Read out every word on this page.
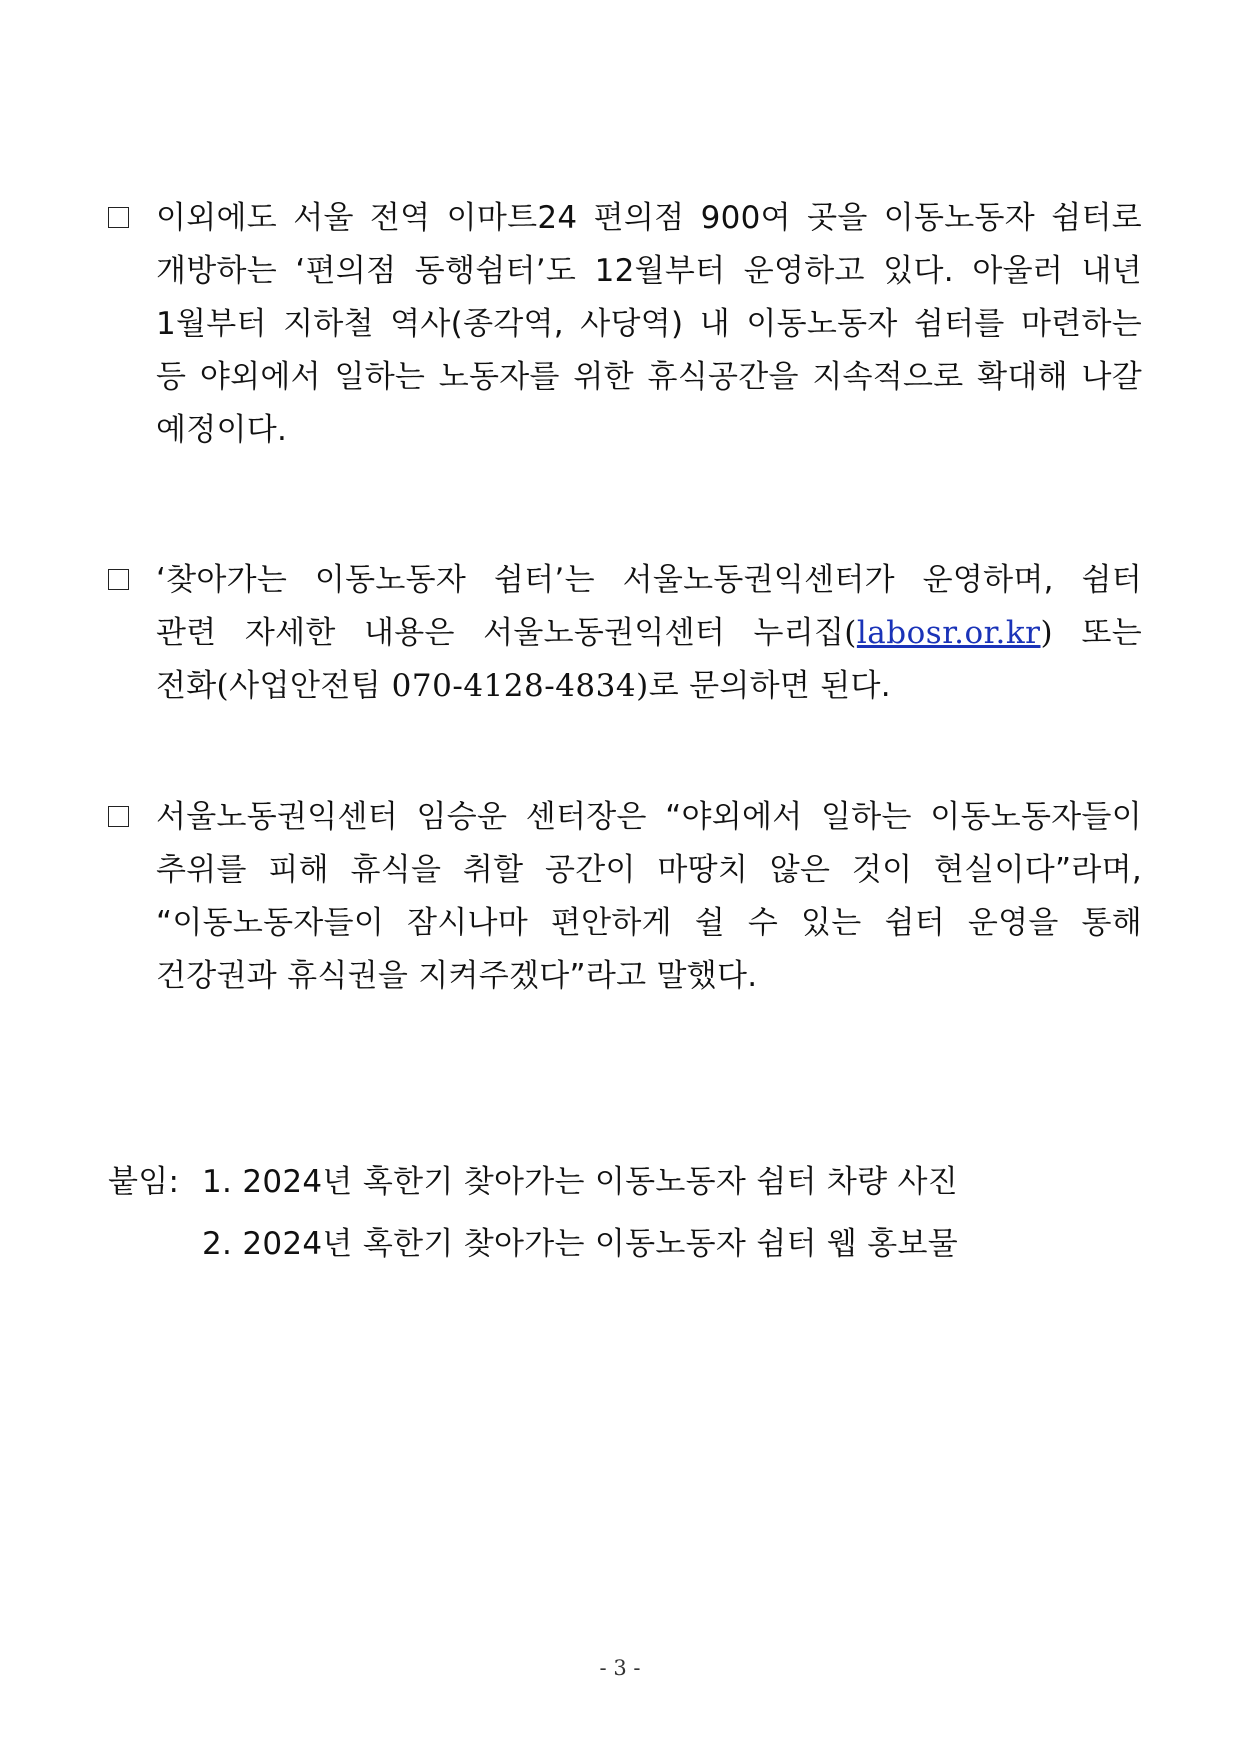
이외에도 서울 전역 이마트24 편의점 900여 곳을 이동노동자 쉼터로
개방하는 ‘편의점 동행쉼터’도 12월부터 운영하고 있다. 아울러 내년
1월부터 지하철 역사(종각역, 사당역) 내 이동노동자 쉼터를 마련하는
등 야외에서 일하는 노동자를 위한 휴식공간을 지속적으로 확대해 나갈
예정이다.
‘찾아가는 이동노동자 쉼터’는 서울노동권익센터가 운영하며, 쉼터
관련 자세한 내용은 서울노동권익센터 누리집(labosr.or.kr) 또는
전화(사업안전팀 070-4128-4834)로 문의하면 된다.
서울노동권익센터 임승운 센터장은 “야외에서 일하는 이동노동자들이
추위를 피해 휴식을 취할 공간이 마땅치 않은 것이 현실이다”라며,
“이동노동자들이 잠시나마 편안하게 쉴 수 있는 쉼터 운영을 통해
건강권과 휴식권을 지켜주겠다”라고 말했다.
붙임: 1. 2024년 혹한기 찾아가는 이동노동자 쉼터 차량 사진
2. 2024년 혹한기 찾아가는 이동노동자 쉼터 웹 홍보물
- 3 -
